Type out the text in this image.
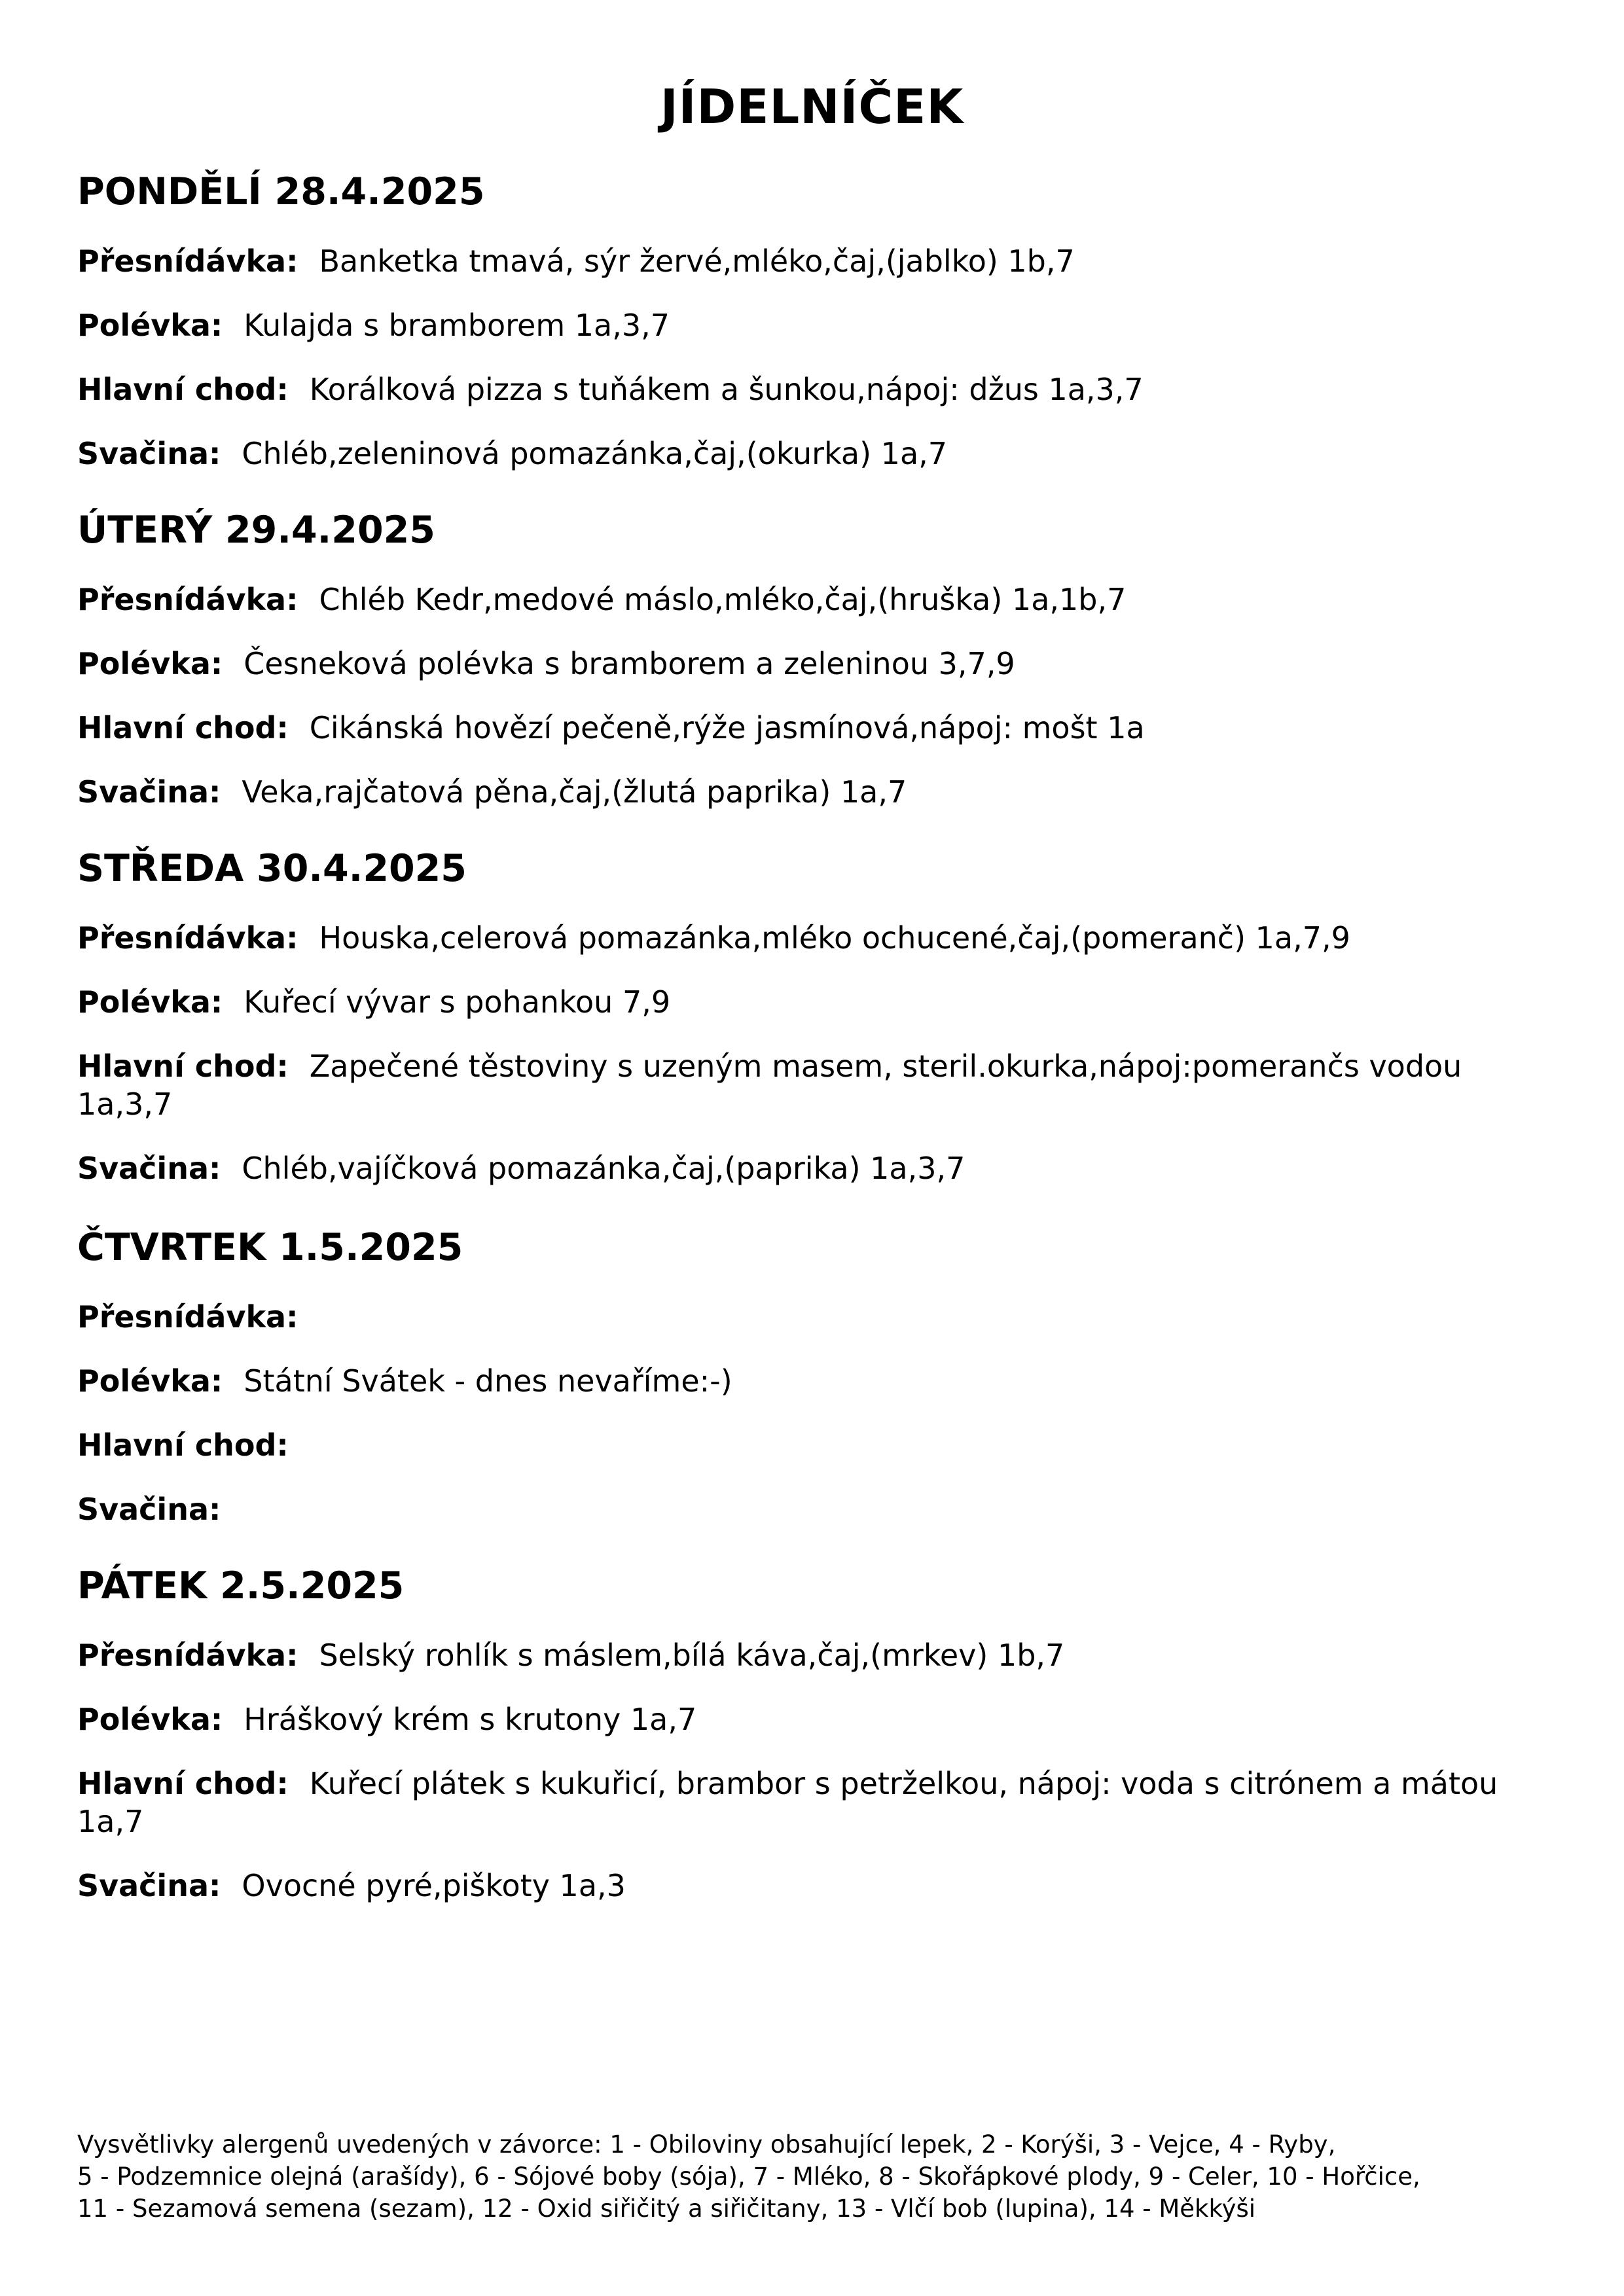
JÍDELNÍČEK
PONDĚLÍ 28.4.2025
Přesnídávka: Banketka tmavá, sýr žervé,mléko,čaj,(jablko) 1b,7
Polévka: Kulajda s bramborem 1a,3,7
Hlavní chod: Korálková pizza s tuňákem a šunkou,nápoj: džus 1a,3,7
Svačina: Chléb,zeleninová pomazánka,čaj,(okurka) 1a,7
ÚTERÝ 29.4.2025
Přesnídávka: Chléb Kedr,medové máslo,mléko,čaj,(hruška) 1a,1b,7
Polévka: Česneková polévka s bramborem a zeleninou 3,7,9
Hlavní chod: Cikánská hovězí pečeně,rýže jasmínová,nápoj: mošt 1a
Svačina: Veka,rajčatová pěna,čaj,(žlutá paprika) 1a,7
STŘEDA 30.4.2025
Přesnídávka: Houska,celerová pomazánka,mléko ochucené,čaj,(pomeranč) 1a,7,9
Polévka: Kuřecí vývar s pohankou 7,9
Hlavní chod: Zapečené těstoviny s uzeným masem, steril.okurka,nápoj:pomerančs vodou 1a,3,7
Svačina: Chléb,vajíčková pomazánka,čaj,(paprika) 1a,3,7
ČTVRTEK 1.5.2025
Přesnídávka:
Polévka: Státní Svátek - dnes nevaříme:-)
Hlavní chod:
Svačina:
PÁTEK 2.5.2025
Přesnídávka: Selský rohlík s máslem,bílá káva,čaj,(mrkev) 1b,7
Polévka: Hráškový krém s krutony 1a,7
Hlavní chod: Kuřecí plátek s kukuřicí, brambor s petrželkou, nápoj: voda s citrónem a mátou 1a,7
Svačina: Ovocné pyré,piškoty 1a,3
Vysvětlivky alergenů uvedených v závorce: 1 - Obiloviny obsahující lepek, 2 - Korýši, 3 - Vejce, 4 - Ryby,
5 - Podzemnice olejná (arašídy), 6 - Sójové boby (sója), 7 - Mléko, 8 - Skořápkové plody, 9 - Celer, 10 - Hořčice,
11 - Sezamová semena (sezam), 12 - Oxid siřičitý a siřičitany, 13 - Vlčí bob (lupina), 14 - Měkkýši
